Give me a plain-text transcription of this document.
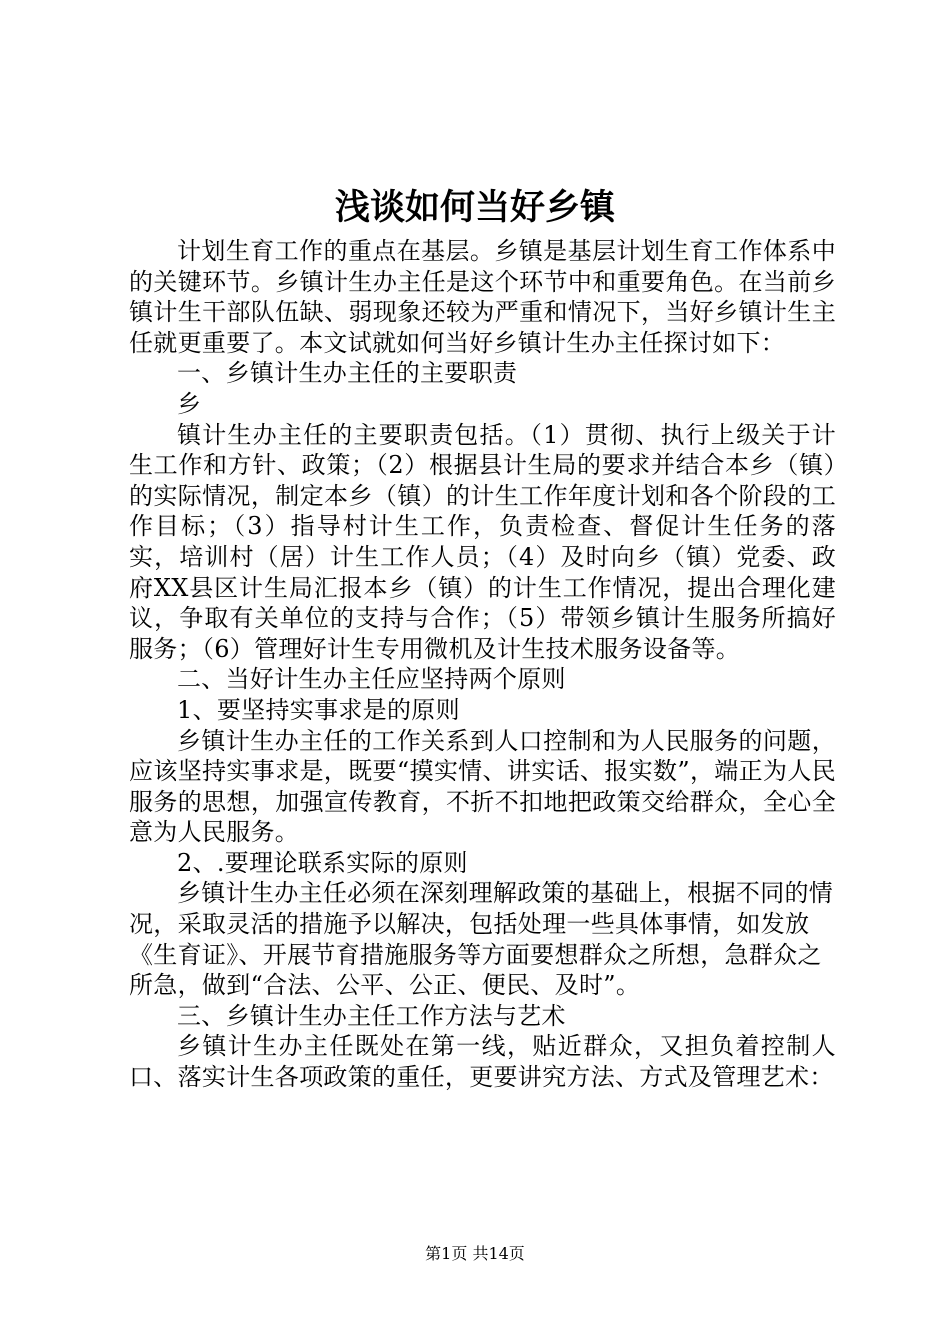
浅谈如何当好乡镇

计划生育工作的重点在基层。乡镇是基层计划生育工作体系中的关键环节。乡镇计生办主任是这个环节中和重要角色。在当前乡镇计生干部队伍缺、弱现象还较为严重和情况下，当好乡镇计生主任就更重要了。本文试就如何当好乡镇计生办主任探讨如下：

一、乡镇计生办主任的主要职责

乡

镇计生办主任的主要职责包括。（1）贯彻、执行上级关于计生工作和方针、政策；（2）根据县计生局的要求并结合本乡（镇）的实际情况，制定本乡（镇）的计生工作年度计划和各个阶段的工作目标；（3）指导村计生工作，负责检查、督促计生任务的落实，培训村（居）计生工作人员；（4）及时向乡（镇）党委、政府XX县区计生局汇报本乡（镇）的计生工作情况，提出合理化建议，争取有关单位的支持与合作；（5）带领乡镇计生服务所搞好服务；（6）管理好计生专用微机及计生技术服务设备等。

二、当好计生办主任应坚持两个原则

1、要坚持实事求是的原则

乡镇计生办主任的工作关系到人口控制和为人民服务的问题，应该坚持实事求是，既要“摸实情、讲实话、报实数”，端正为人民服务的思想，加强宣传教育，不折不扣地把政策交给群众，全心全意为人民服务。

2、.要理论联系实际的原则

乡镇计生办主任必须在深刻理解政策的基础上，根据不同的情况，采取灵活的措施予以解决，包括处理一些具体事情，如发放《生育证》、开展节育措施服务等方面要想群众之所想，急群众之所急，做到“合法、公平、公正、便民、及时”。

三、乡镇计生办主任工作方法与艺术

乡镇计生办主任既处在第一线，贴近群众，又担负着控制人口、落实计生各项政策的重任，更要讲究方法、方式及管理艺术：

第1页 共14页
